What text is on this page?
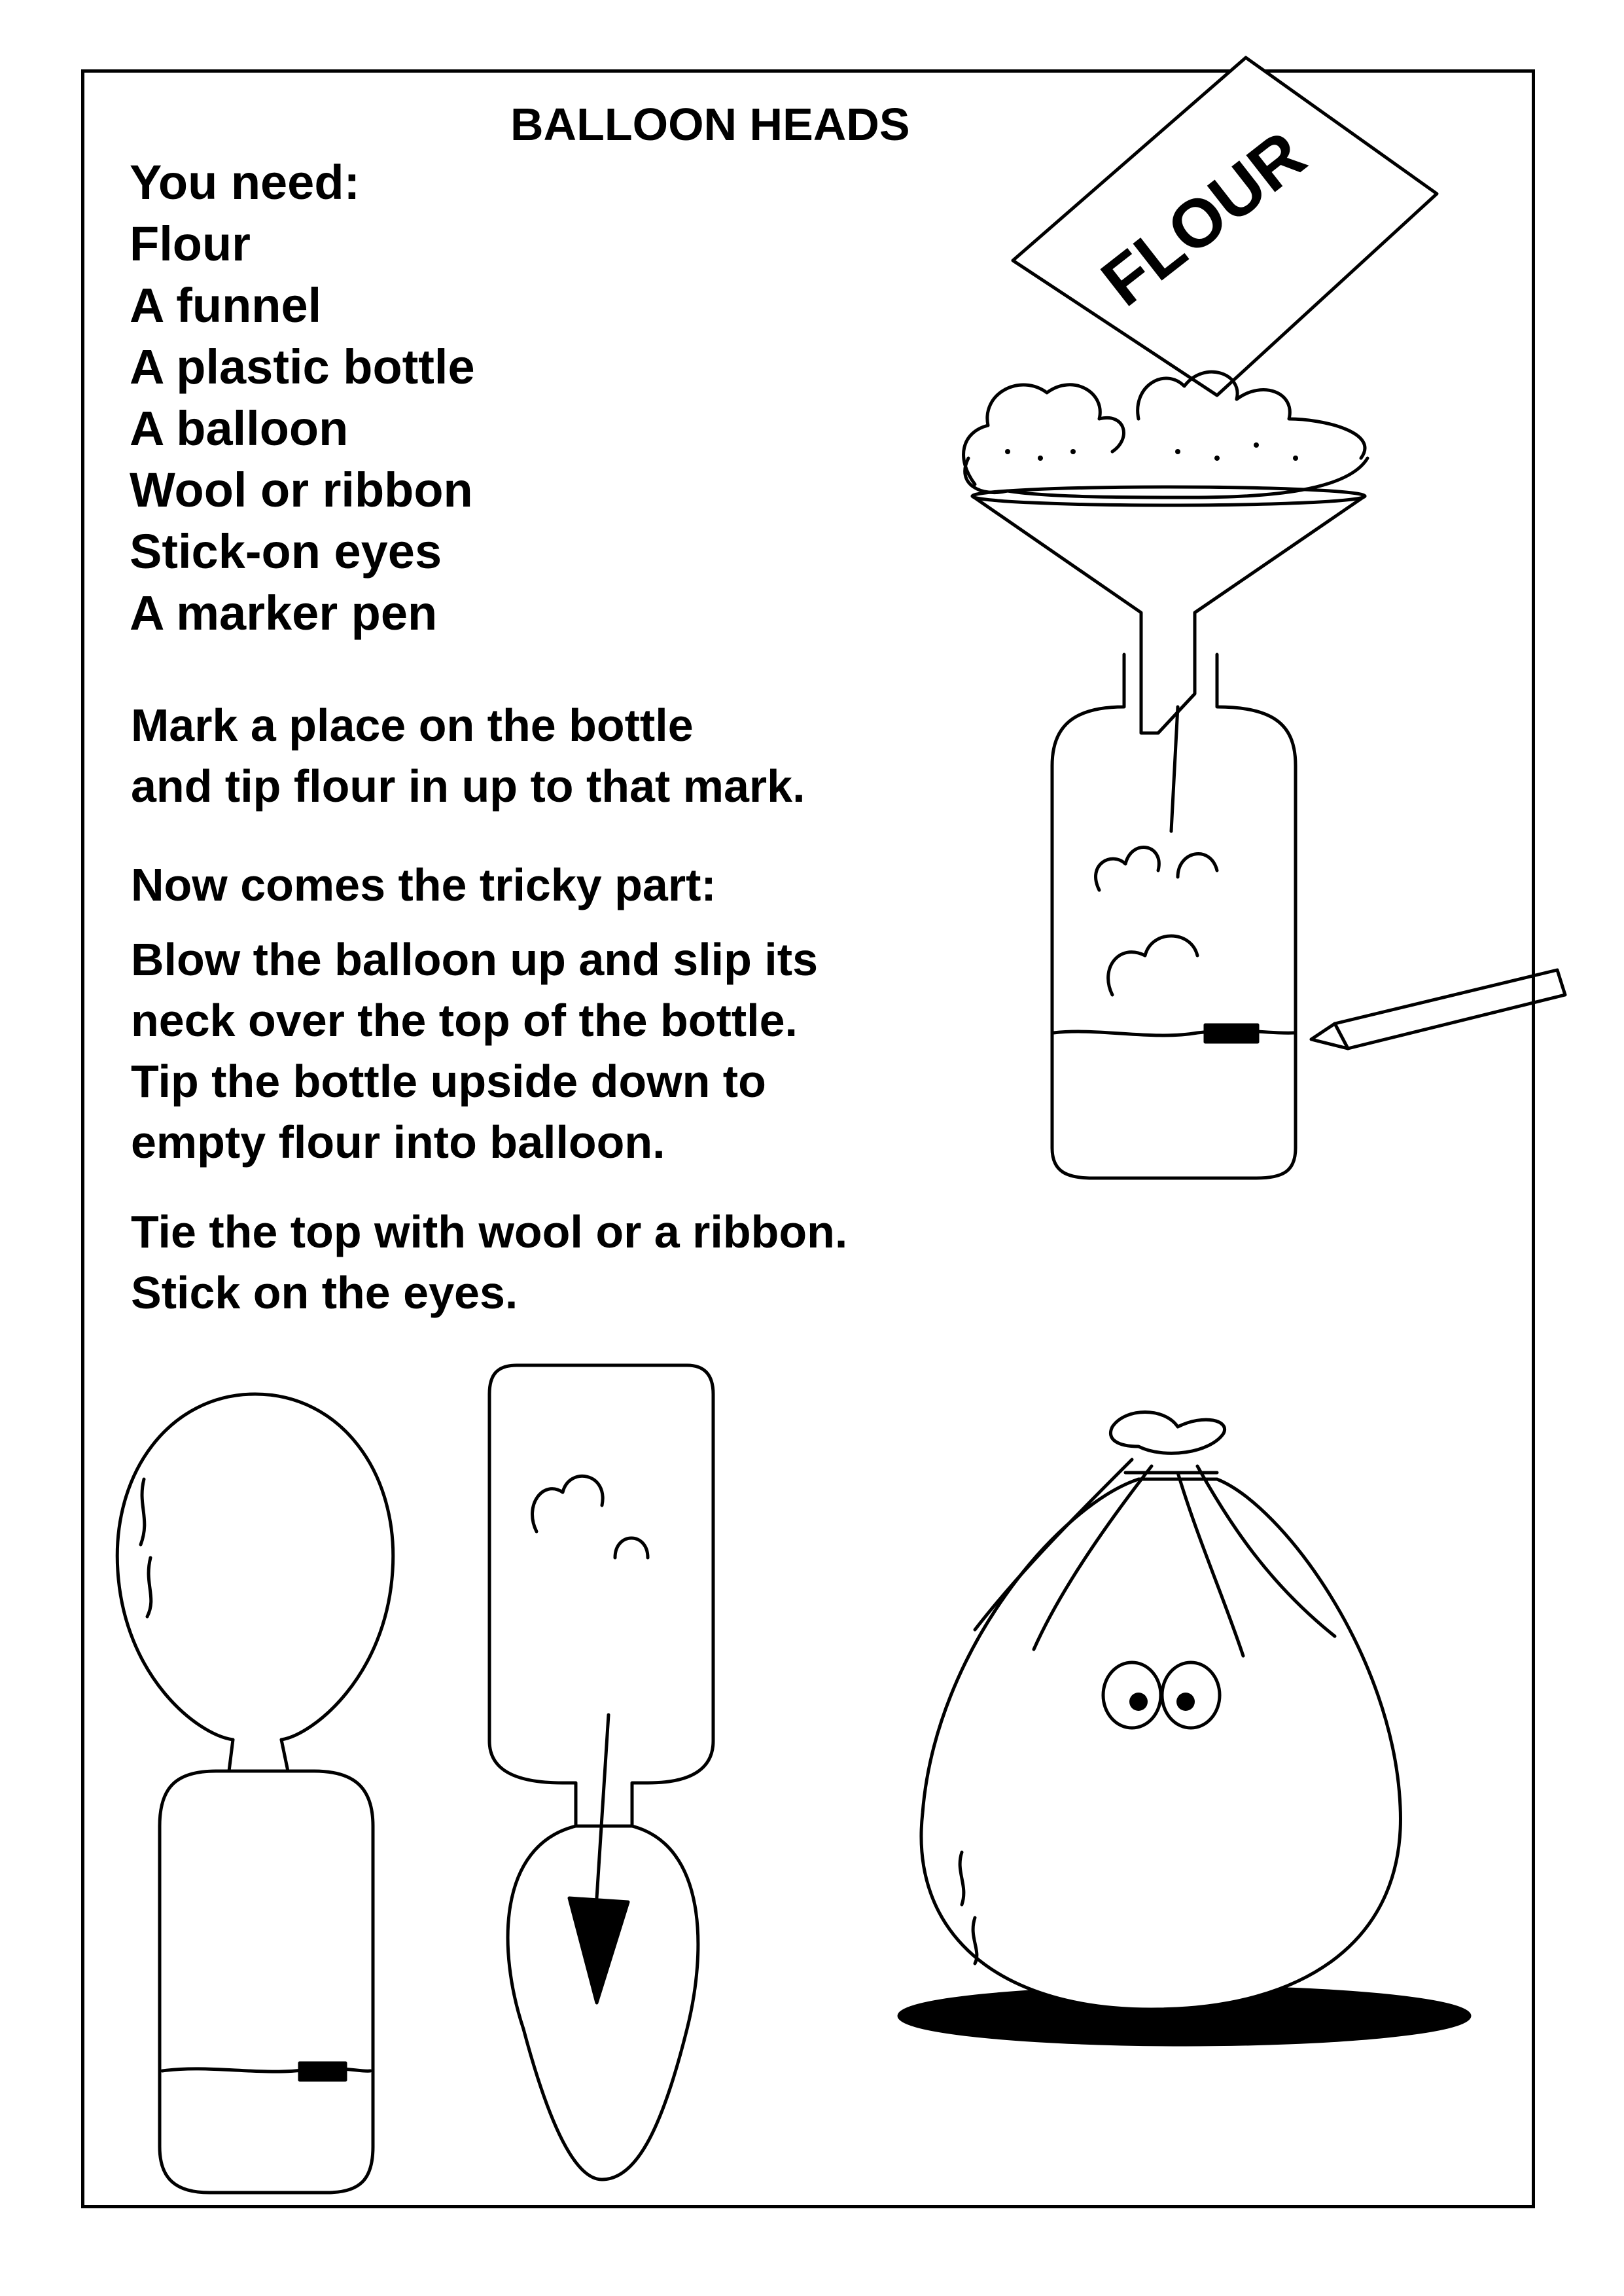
BALLOON HEADS
You need:
Flour
A funnel
A plastic bottle
A balloon
Wool or ribbon
Stick-on eyes
A marker pen
Mark a place on the bottle
and tip flour in up to that mark.
Now comes the tricky part:
Blow the balloon up and slip its
neck over the top of the bottle.
Tip the bottle upside down to
empty flour into balloon.
Tie the top with wool or a ribbon.
Stick on the eyes.
FLOUR
